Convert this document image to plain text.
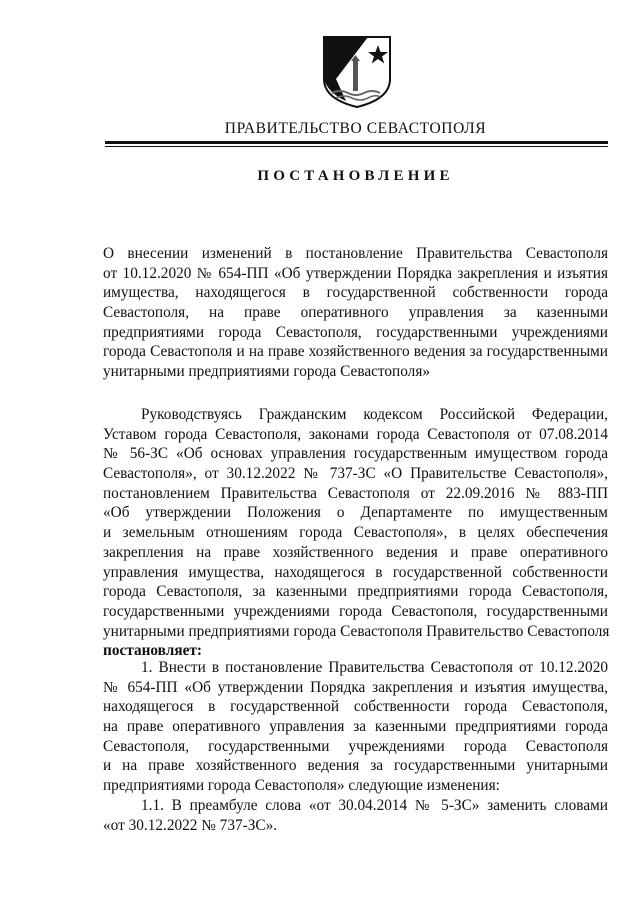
ПРАВИТЕЛЬСТВО СЕВАСТОПОЛЯ
ПОСТАНОВЛЕНИЕ
О внесении изменений в постановление Правительства Севастополя
от 10.12.2020 № 654-ПП «Об утверждении Порядка закрепления и изъятия
имущества, находящегося в государственной собственности города
Севастополя, на праве оперативного управления за казенными
предприятиями города Севастополя, государственными учреждениями
города Севастополя и на праве хозяйственного ведения за государственными
унитарными предприятиями города Севастополя»
Руководствуясь Гражданским кодексом Российской Федерации,
Уставом города Севастополя, законами города Севастополя от 07.08.2014
№ 56-ЗС «Об основах управления государственным имуществом города
Севастополя», от 30.12.2022 № 737-ЗС «О Правительстве Севастополя»,
постановлением Правительства Севастополя от 22.09.2016 № 883-ПП
«Об утверждении Положения о Департаменте по имущественным
и земельным отношениям города Севастополя», в целях обеспечения
закрепления на праве хозяйственного ведения и праве оперативного
управления имущества, находящегося в государственной собственности
города Севастополя, за казенными предприятиями города Севастополя,
государственными учреждениями города Севастополя, государственными
унитарными предприятиями города Севастополя Правительство Севастополя
постановляет:
1. Внести в постановление Правительства Севастополя от 10.12.2020
№ 654-ПП «Об утверждении Порядка закрепления и изъятия имущества,
находящегося в государственной собственности города Севастополя,
на праве оперативного управления за казенными предприятиями города
Севастополя, государственными учреждениями города Севастополя
и на праве хозяйственного ведения за государственными унитарными
предприятиями города Севастополя» следующие изменения:
1.1. В преамбуле слова «от 30.04.2014 № 5-ЗС» заменить словами
«от 30.12.2022 № 737-ЗС».
